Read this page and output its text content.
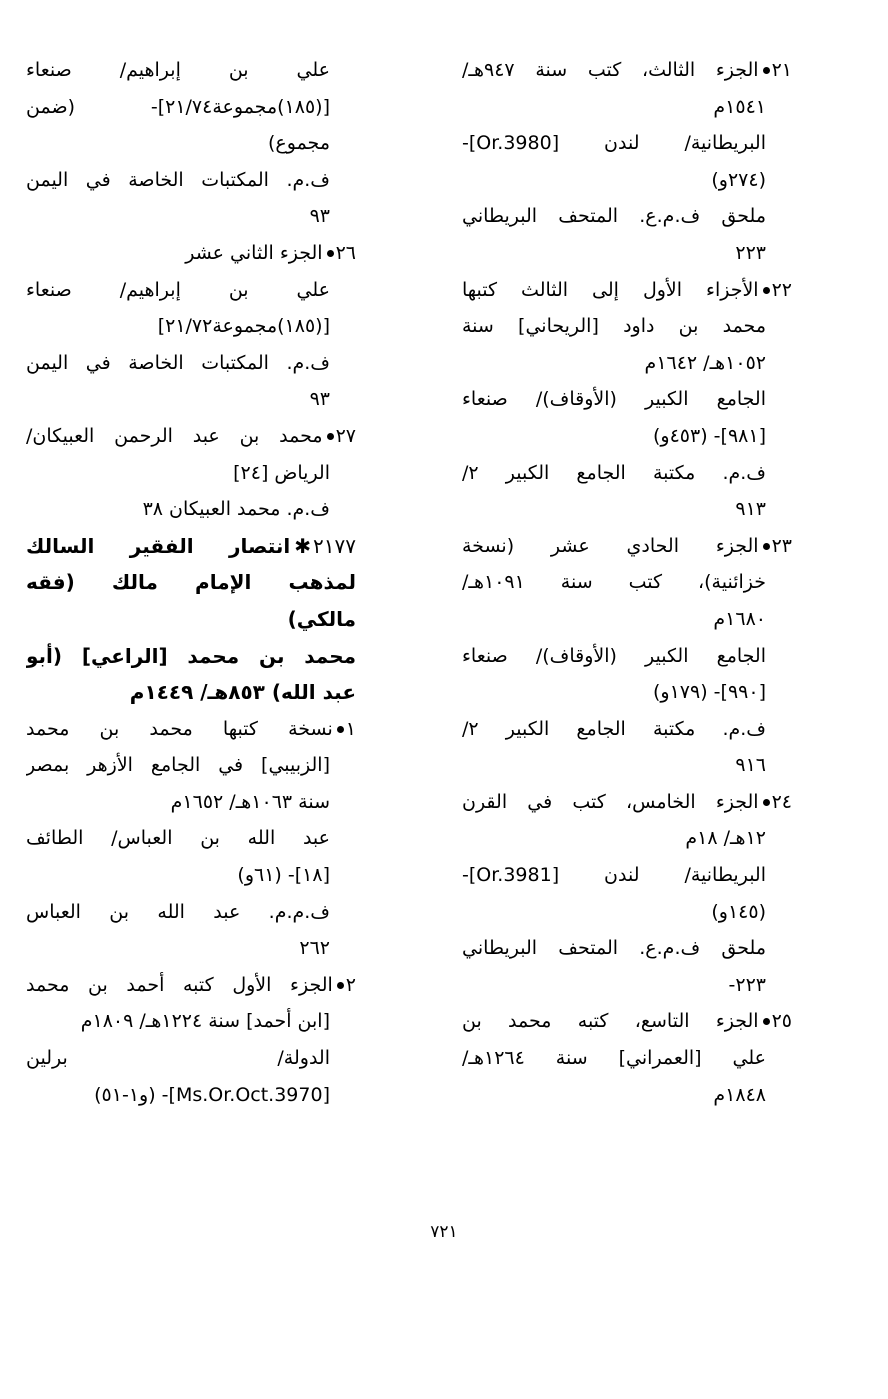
٢١الجزء الثالث، كتب سنة ٩٤٧هـ/
١٥٤١م
البريطانية/ لندن [Or.3980]-
(٢٧٤و)
ملحق ف.م.ع. المتحف البريطاني
٢٢٣
٢٢الأجزاء الأول إلى الثالث كتبها
محمد بن داود [الريحاني] سنة
١٠٥٢هـ/ ١٦٤٢م
الجامع الكبير (الأوقاف)/ صنعاء
[٩٨١]- (٤٥٣و)
ف.م. مكتبة الجامع الكبير ٢/
٩١٣
٢٣الجزء الحادي عشر (نسخة
خزائنية)، كتب سنة ١٠٩١هـ/
١٦٨٠م
الجامع الكبير (الأوقاف)/ صنعاء
[٩٩٠]- (١٧٩و)
ف.م. مكتبة الجامع الكبير ٢/
٩١٦
٢٤الجزء الخامس، كتب في القرن
١٢هـ/ ١٨م
البريطانية/ لندن [Or.3981]-
(١٤٥و)
ملحق ف.م.ع. المتحف البريطاني
٢٢٣-
٢٥الجزء التاسع، كتبه محمد بن
علي [العمراني] سنة ١٢٦٤هـ/
١٨٤٨م
علي بن إبراهيم/ صنعاء
[(١٨٥)مجموعة٢١/٧٤]- (ضمن
مجموع)
ف.م. المكتبات الخاصة في اليمن
٩٣
٢٦الجزء الثاني عشر
علي بن إبراهيم/ صنعاء
[(١٨٥)مجموعة٢١/٧٢]
ف.م. المكتبات الخاصة في اليمن
٩٣
٢٧محمد بن عبد الرحمن العبيكان/
الرياض [٢٤]
ف.م. محمد العبيكان ٣٨
٢١٧٧✱انتصار الفقير السالك
لمذهب الإمام مالك (فقه
مالكي)
محمد بن محمد [الراعي] (أبو
عبد الله) ٨٥٣هـ/ ١٤٤٩م
١نسخة كتبها محمد بن محمد
[الزبيبي] في الجامع الأزهر بمصر
سنة ١٠٦٣هـ/ ١٦٥٢م
عبد الله بن العباس/ الطائف
[١٨]- (٦١و)
ف.م.م. عبد الله بن العباس
٢٦٢
٢الجزء الأول كتبه أحمد بن محمد
[ابن أحمد] سنة ١٢٢٤هـ/ ١٨٠٩م
الدولة/ برلين
[Ms.Or.Oct.3970]- (و١-٥١)
٧٢١
